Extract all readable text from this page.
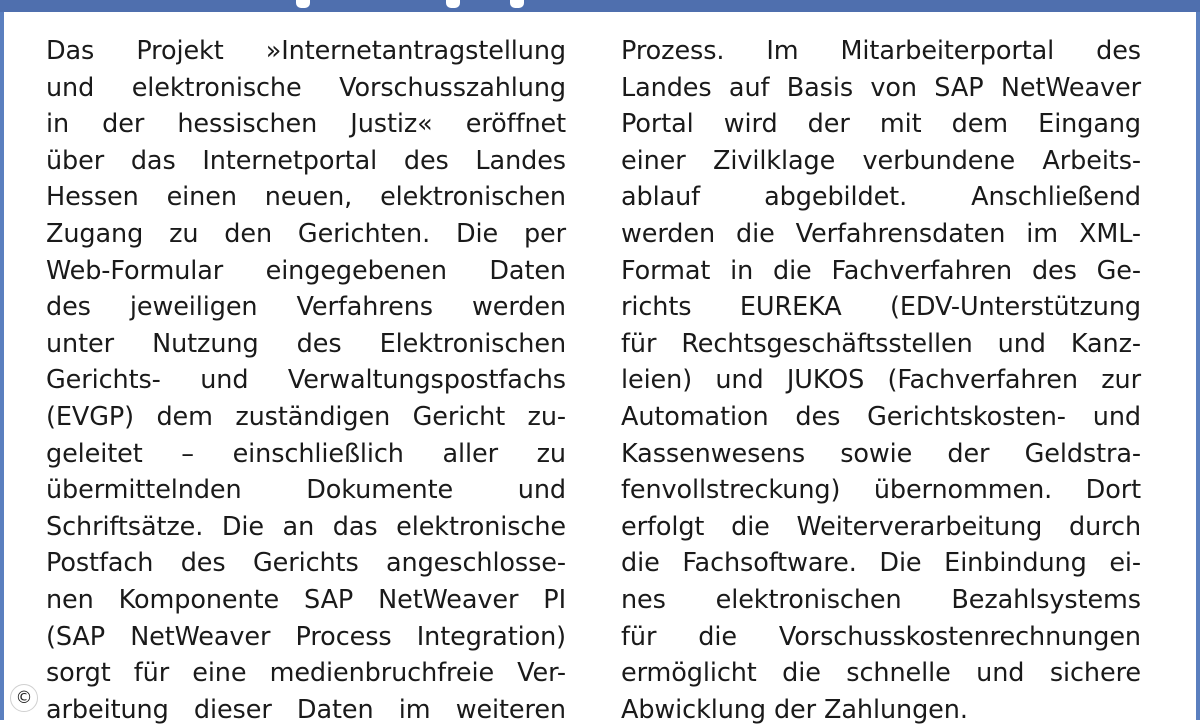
Das Projekt »Internetantragstellung
und elektronische Vorschusszahlung
in der hessischen Justiz« eröffnet
über das Internetportal des Landes
Hessen einen neuen, elektronischen
Zugang zu den Gerichten. Die per
Web-Formular eingegebenen Daten
des jeweiligen Verfahrens werden
unter Nutzung des Elektronischen
Gerichts- und Verwaltungspostfachs
(EVGP) dem zuständigen Gericht zu-
geleitet – einschließlich aller zu
übermittelnden Dokumente und
Schriftsätze. Die an das elektronische
Postfach des Gerichts angeschlosse-
nen Komponente SAP NetWeaver PI
(SAP NetWeaver Process Integration)
sorgt für eine medienbruchfreie Ver-
arbeitung dieser Daten im weiteren
Prozess. Im Mitarbeiterportal des
Landes auf Basis von SAP NetWeaver
Portal wird der mit dem Eingang
einer Zivilklage verbundene Arbeits-
ablauf abgebildet. Anschließend
werden die Verfahrensdaten im XML-
Format in die Fachverfahren des Ge-
richts EUREKA (EDV-Unterstützung
für Rechtsgeschäftsstellen und Kanz-
leien) und JUKOS (Fachverfahren zur
Automation des Gerichtskosten- und
Kassenwesens sowie der Geldstra-
fenvollstreckung) übernommen. Dort
erfolgt die Weiterverarbeitung durch
die Fachsoftware. Die Einbindung ei-
nes elektronischen Bezahlsystems
für die Vorschusskostenrechnungen
ermöglicht die schnelle und sichere
Abwicklung der Zahlungen.
©
